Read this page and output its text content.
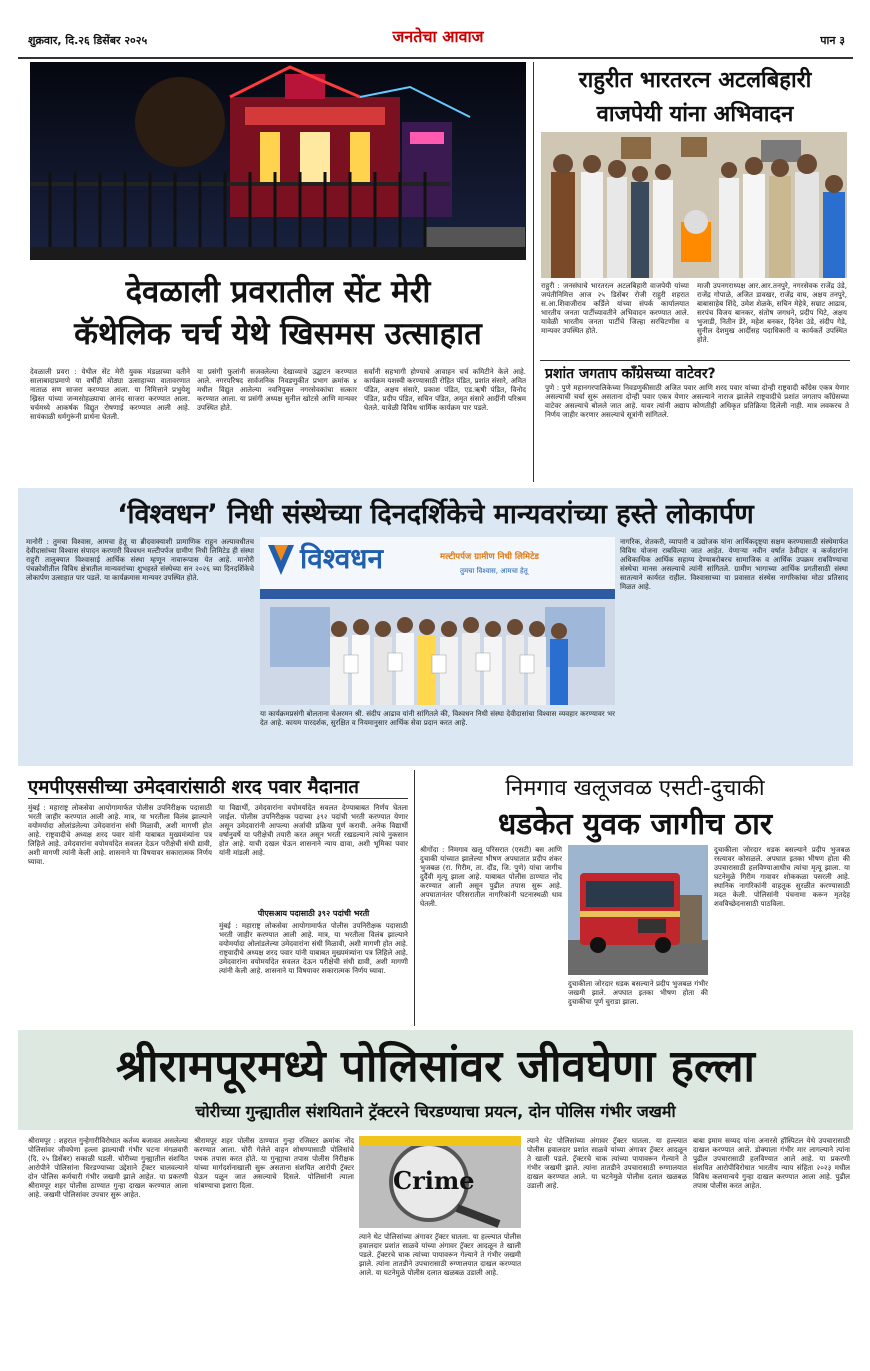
शुक्रवार, दि.२६ डिसेंबर २०२५	जनतेचा आवाज	पान ३
देवळाली प्रवरातील सेंट मेरी
कॅथेलिक चर्च येथे खिसमस उत्साहात
देवळाली प्रवरा : येथील सेंट मेरी युवक मंडळाच्या वतीने सालाबादाप्रमाणे या वर्षीही मोठ्या उत्साहाच्या वातावरणात नाताळ सण साजरा करण्यात आला. या निमित्ताने प्रभुयेशु ख्रिस्त यांच्या जन्मसोहळ्याचा आनंद साजरा करण्यात आला. चर्चमध्ये आकर्षक विद्युत रोषणाई करण्यात आली आहे. सायंकाळी धर्मगुरूंनी प्रार्थना घेतली.
या प्रसंगी फुलांनी सजवलेल्या देखाव्याचे उद्घाटन करण्यात आले. नगरपरिषद सार्वजनिक निवडणुकीत प्रभाग क्रमांक ४ मधील विद्युत आलेल्या नवनियुक्त नगरसेवकांचा सत्कार करण्यात आला. या प्रसंगी अध्यक्ष सुनील खोटसे आणि मान्यवर उपस्थित होते.
सर्वांनी सहभागी होण्याचे आवाहन चर्च कमिटीने केले आहे. कार्यक्रम यशस्वी करण्यासाठी रोहित पंडित, प्रशांत संसारे, अमित पंडित, अक्षय संसारे, प्रकाश पंडित, एड.ऋषी पंडित, विनोद पंडित, प्रदीप पंडित, सचिन पंडित, अमृत संसारे आदींनी परिश्रम घेतले. यावेळी विविध धार्मिक कार्यक्रम पार पडले.
राहुरीत भारतरत्न अटलबिहारी
वाजपेयी यांना अभिवादन
राहुरी : जनसंघाचे भारतरत्न अटलबिहारी वाजपेयी यांच्या जयंतीनिमित्त आज २५ डिसेंबर रोजी राहुरी शहरात स.आ.शिवाजीराव कर्डिले यांच्या संपर्क कार्यालयात भारतीय जनता पार्टीच्यावतीने अभिवादन करण्यात आले. यावेळी भारतीय जनता पार्टीचे जिल्हा सरचिटणीस व मान्यवर उपस्थित होते.
माजी उपनगराध्यक्ष आर.आर.तनपुरे, नगरसेवक राजेंद्र उंडे, राजेंद्र गोपाळे, अजित डावखर, राजेंद्र वाघ, अक्षय तनपुरे, बाबासाहेब शिंदे, उमेश शेळके, सचिन मेहेत्रे, सम्राट आढाव, सरपंच विजय बानकर, संतोष जगधने, प्रदीप थिटे, अक्षय भुजाडी, नितीन डेरे, महेश बनकर, दिनेश उंडे, संदीप गेडे, सुनील देशमुख आदींसह पदाधिकारी व कार्यकर्ते उपस्थित होते.
प्रशांत जगताप काँग्रेसच्या वाटेवर?
पुणे : पुणे महानगरपालिकेच्या निवडणुकीसाठी अजित पवार आणि शरद पवार यांच्या दोन्ही राष्ट्रवादी काँग्रेस एकत्र येणार असल्याची चर्चा सुरू असताना दोन्ही पवार एकत्र येणार असल्याने नाराज झालेले राष्ट्रवादीचे प्रशांत जगताप काँग्रेसच्या वाटेवर असल्याचे बोलले जात आहे. यावर त्यांनी अद्याप कोणतीही अधिकृत प्रतिक्रिया दिलेली नाही. मात्र लवकरच ते निर्णय जाहीर करणार असल्याचे सूत्रांनी सांगितले.
‘विश्वधन’ निधी संस्थेच्या दिनदर्शिकेचे मान्यवरांच्या हस्ते लोकार्पण
मानोरी : तुमचा विश्वास, आमचा हेतू या ब्रीदवाक्याशी प्रामाणिक राहून अल्पावधीतच देवीदासांच्या विश्वास संपादन करणारी विश्वधन मल्टीपर्पज ग्रामीण निधी लिमिटेड ही संस्था राहुरी तालुक्यात विश्वासाई आर्थिक संस्था म्हणून नावारूपास येत आहे. मानोरी पंचक्रोशीतील विविध क्षेत्रातील मान्यवरांच्या शुभहस्ते संस्थेच्या सन २०२६ च्या दिनदर्शिकेचे लोकार्पण उत्साहात पार पडले. या कार्यक्रमास मान्यवर उपस्थित होते.
विश्वधन	मल्टीपर्पज ग्रामीण निधी लिमिटेड
तुमचा विश्वास, आमचा हेतू
या कार्यक्रमप्रसंगी बोलताना चेअरमन श्री. संदीप आढाव यांनी सांगितले की, विश्वधन निधी संस्था देवीदासांचा विश्वास व्यवहार करण्यावर भर देत आहे. कायम पारदर्शक, सुरक्षित व नियमानुसार आर्थिक सेवा प्रदान करत आहे.
नागरिक, शेतकरी, व्यापारी व उद्योजक यांना आर्थिकदृष्ट्या सक्षम करण्यासाठी संस्थेमार्फत विविध योजना राबविल्या जात आहेत. येणाऱ्या नवीन वर्षात ठेवीदार व कर्जदारांना अधिकाधिक आर्थिक सहाय्य देण्याबरोबरच सामाजिक व आर्थिक उपक्रम राबविण्याचा संस्थेचा मानस असल्याचे त्यांनी सांगितले. ग्रामीण भागाच्या आर्थिक प्रगतीसाठी संस्था सातत्याने कार्यरत राहील. विश्वासाच्या या प्रवासात संस्थेस नागरिकांचा मोठा प्रतिसाद मिळत आहे.
एमपीएससीच्या उमेदवारांसाठी शरद पवार मैदानात
मुंबई : महाराष्ट्र लोकसेवा आयोगामार्फत पोलीस उपनिरीक्षक पदासाठी भरती जाहीर करण्यात आली आहे. मात्र, या भरतीला विलंब झाल्याने वयोमर्यादा ओलांडलेल्या उमेदवारांना संधी मिळावी, अशी मागणी होत आहे. राष्ट्रवादीचे अध्यक्ष शरद पवार यांनी याबाबत मुख्यमंत्र्यांना पत्र लिहिले आहे. उमेदवारांना वयोमर्यादेत सवलत देऊन परीक्षेची संधी द्यावी, अशी मागणी त्यांनी केली आहे. शासनाने या विषयावर सकारात्मक निर्णय घ्यावा.
या विद्यार्थी, उमेदवारांना वयोमर्यादेत सवलत देण्याबाबत निर्णय घेतला जाईल. पोलीस उपनिरीक्षक पदाच्या ३९२ पदांची भरती करण्यात येणार असून उमेदवारांनी आपल्या अर्जाची प्रक्रिया पूर्ण करावी. अनेक विद्यार्थी वर्षानुवर्षे या परीक्षेची तयारी करत असून भरती रखडल्याने त्यांचे नुकसान होत आहे. याची दखल घेऊन शासनाने न्याय द्यावा, अशी भूमिका पवार यांनी मांडली आहे.
पीएसआय पदासाठी ३९२ पदांची भरती
मुंबई : महाराष्ट्र लोकसेवा आयोगामार्फत पोलीस उपनिरीक्षक पदासाठी भरती जाहीर करण्यात आली आहे. मात्र, या भरतीला विलंब झाल्याने वयोमर्यादा ओलांडलेल्या उमेदवारांना संधी मिळावी, अशी मागणी होत आहे. राष्ट्रवादीचे अध्यक्ष शरद पवार यांनी याबाबत मुख्यमंत्र्यांना पत्र लिहिले आहे. उमेदवारांना वयोमर्यादेत सवलत देऊन परीक्षेची संधी द्यावी, अशी मागणी त्यांनी केली आहे. शासनाने या विषयावर सकारात्मक निर्णय घ्यावा.
निमगाव खलूजवळ एसटी-दुचाकी
धडकेत युवक जागीच ठार
श्रीगोंदा : निमगाव खलू परिसरात (एसटी) बस आणि दुचाकी यांच्यात झालेल्या भीषण अपघातात प्रदीप शंकर भुजबळ (रा. गिरीम, ता. दौंड, जि. पुणे) यांचा जागीच दुर्दैवी मृत्यू झाला आहे. याबाबत पोलीस ठाण्यात नोंद करण्यात आली असून पुढील तपास सुरू आहे. अपघातानंतर परिसरातील नागरिकांनी घटनास्थळी धाव घेतली.
दुचाकीला जोरदार धडक बसल्याने प्रदीप भुजबळ गंभीर जखमी झाले. अपघात इतका भीषण होता की दुचाकीचा पूर्ण चुराडा झाला.
दुचाकीला जोरदार धडक बसल्याने प्रदीप भुजबळ रस्त्यावर कोसळले. अपघात इतका भीषण होता की उपचारासाठी हलविण्याआधीच त्यांचा मृत्यू झाला. या घटनेमुळे गिरीम गावावर शोककळा पसरली आहे. स्थानिक नागरिकांनी वाहतूक सुरळीत करण्यासाठी मदत केली. पोलिसांनी पंचनामा करून मृतदेह शवविच्छेदनासाठी पाठविला.
श्रीरामपूरमध्ये पोलिसांवर जीवघेणा हल्ला
चोरीच्या गुन्ह्यातील संशयिताने ट्रॅक्टरने चिरडण्याचा प्रयत्न, दोन पोलिस गंभीर जखमी
श्रीरामपूर : शहरात गुन्हेगारीविरोधात कर्तव्य बजावत असलेल्या पोलिसांवर जीवघेणा हल्ला झाल्याची गंभीर घटना मंगळवारी (दि. २५ डिसेंबर) सकाळी घडली. चोरीच्या गुन्ह्यातील संशयित आरोपीने पोलिसांना चिरडण्याच्या उद्देशाने ट्रॅक्टर चालवल्याने दोन पोलिस कर्मचारी गंभीर जखमी झाले आहेत. या प्रकरणी श्रीरामपूर शहर पोलीस ठाण्यात गुन्हा दाखल करण्यात आला आहे. जखमी पोलिसांवर उपचार सुरू आहेत.
श्रीरामपूर शहर पोलीस ठाण्यात गुन्हा रजिस्टर क्रमांक नोंद करण्यात आला. चोरी गेलेले वाहन शोधण्यासाठी पोलिसांचे पथक तपास करत होते. या गुन्ह्याचा तपास पोलीस निरीक्षक यांच्या मार्गदर्शनाखाली सुरू असताना संशयित आरोपी ट्रॅक्टर घेऊन पळून जात असल्याचे दिसले. पोलिसांनी त्याला थांबण्याचा इशारा दिला.	Crime
त्याने थेट पोलिसांच्या अंगावर ट्रॅक्टर घातला. या हल्ल्यात पोलीस हवालदार प्रशांत साळवे यांच्या अंगावर ट्रॅक्टर आदळून ते खाली पडले. ट्रॅक्टरचे चाक त्यांच्या पायावरून गेल्याने ते गंभीर जखमी झाले. त्यांना तातडीने उपचारासाठी रुग्णालयात दाखल करण्यात आले. या घटनेमुळे पोलीस दलात खळबळ उडाली आहे.
त्याने थेट पोलिसांच्या अंगावर ट्रॅक्टर घातला. या हल्ल्यात पोलीस हवालदार प्रशांत साळवे यांच्या अंगावर ट्रॅक्टर आदळून ते खाली पडले. ट्रॅक्टरचे चाक त्यांच्या पायावरून गेल्याने ते गंभीर जखमी झाले. त्यांना तातडीने उपचारासाठी रुग्णालयात दाखल करण्यात आले. या घटनेमुळे पोलीस दलात खळबळ उडाली आहे.
बाबा इमाम सय्यद यांना अनारसे हॉस्पिटल येथे उपचारासाठी दाखल करण्यात आले. डोक्याला गंभीर मार लागल्याने त्यांना पुढील उपचारासाठी हलविण्यात आले आहे. या प्रकरणी संशयित आरोपीविरोधात भारतीय न्याय संहिता २०२३ मधील विविध कलमान्वये गुन्हा दाखल करण्यात आला आहे. पुढील तपास पोलीस करत आहेत.
